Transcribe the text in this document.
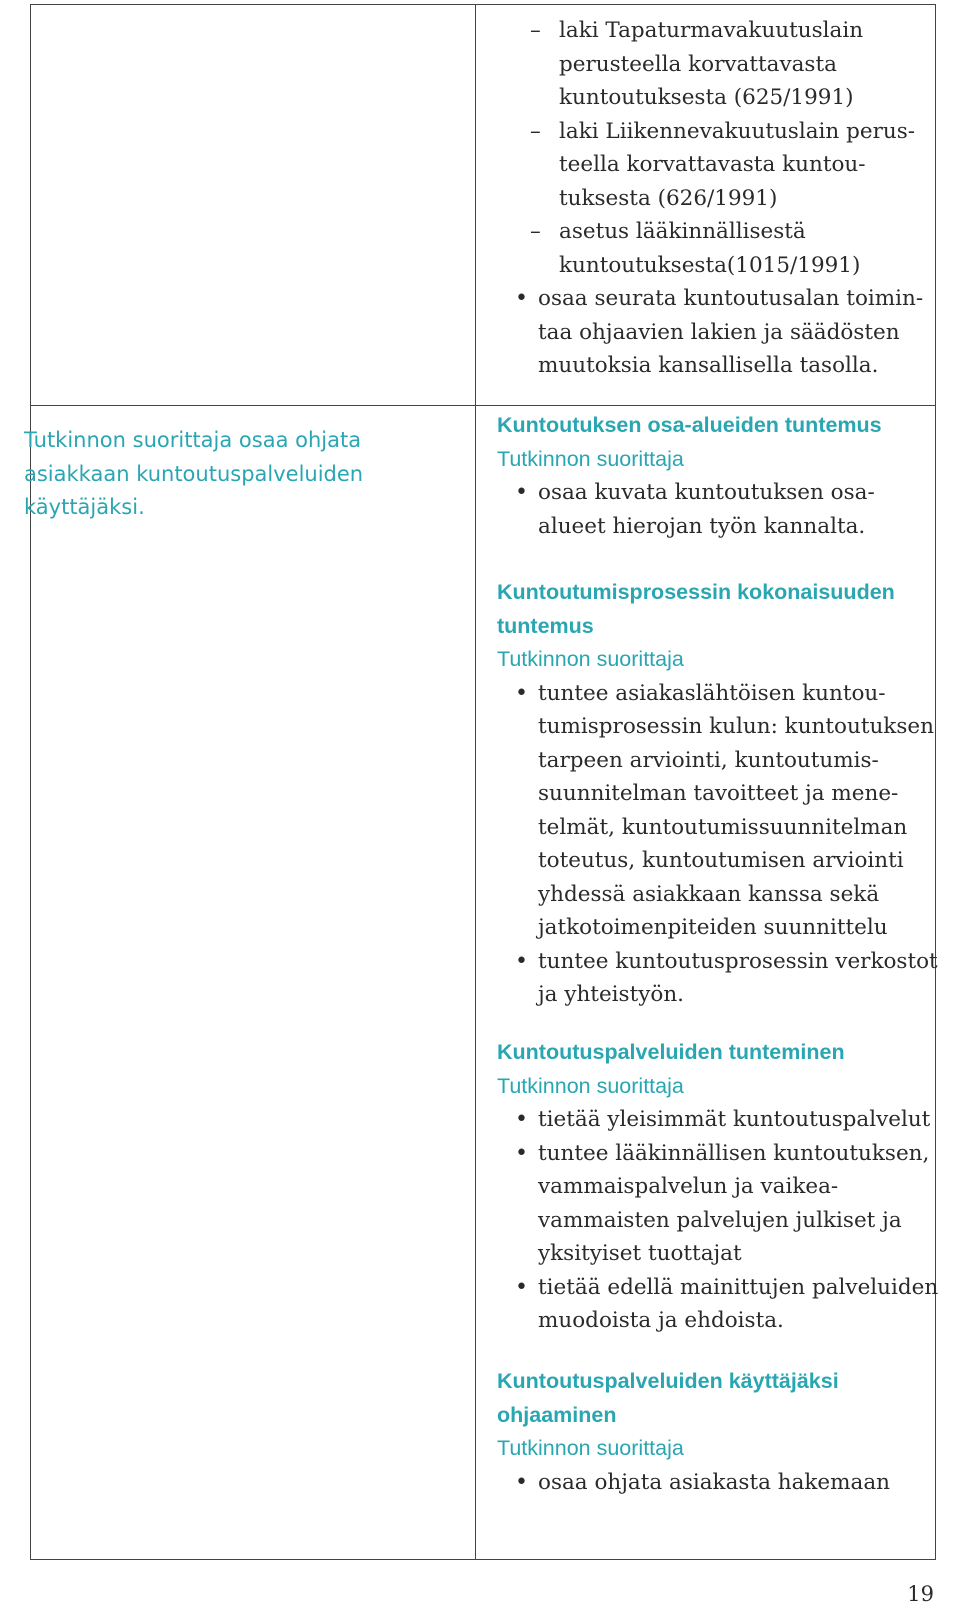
Tutkinnon suorittaja osaa ohjata
asiakkaan kuntoutuspalveluiden
käyttäjäksi.

– laki Tapaturmavakuutuslain
perusteella korvattavasta
kuntoutuksesta (625/1991)
– laki Liikennevakuutuslain perus-
teella korvattavasta kuntou-
tuksesta (626/1991)
– asetus lääkinnällisestä
kuntoutuksesta(1015/1991)
• osaa seurata kuntoutusalan toimin-
taa ohjaavien lakien ja säädösten
muutoksia kansallisella tasolla.

Kuntoutuksen osa-alueiden tuntemus

Tutkinnon suorittaja

• osaa kuvata kuntoutuksen osa-
alueet hierojan työn kannalta.

Kuntoutumisprosessin kokonaisuuden
tuntemus

Tutkinnon suorittaja

• tuntee asiakaslähtöisen kuntou-
tumisprosessin kulun: kuntoutuksen
tarpeen arviointi, kuntoutumis-
suunnitelman tavoitteet ja mene-
telmät, kuntoutumissuunnitelman
toteutus, kuntoutumisen arviointi
yhdessä asiakkaan kanssa sekä
jatkotoimenpiteiden suunnittelu
• tuntee kuntoutusprosessin verkostot
ja yhteistyön.

Kuntoutuspalveluiden tunteminen

Tutkinnon suorittaja

• tietää yleisimmät kuntoutuspalvelut
• tuntee lääkinnällisen kuntoutuksen,
vammaispalvelun ja vaikea-
vammaisten palvelujen julkiset ja
yksityiset tuottajat
• tietää edellä mainittujen palveluiden
muodoista ja ehdoista.

Kuntoutuspalveluiden käyttäjäksi
ohjaaminen

Tutkinnon suorittaja

• osaa ohjata asiakasta hakemaan
19
